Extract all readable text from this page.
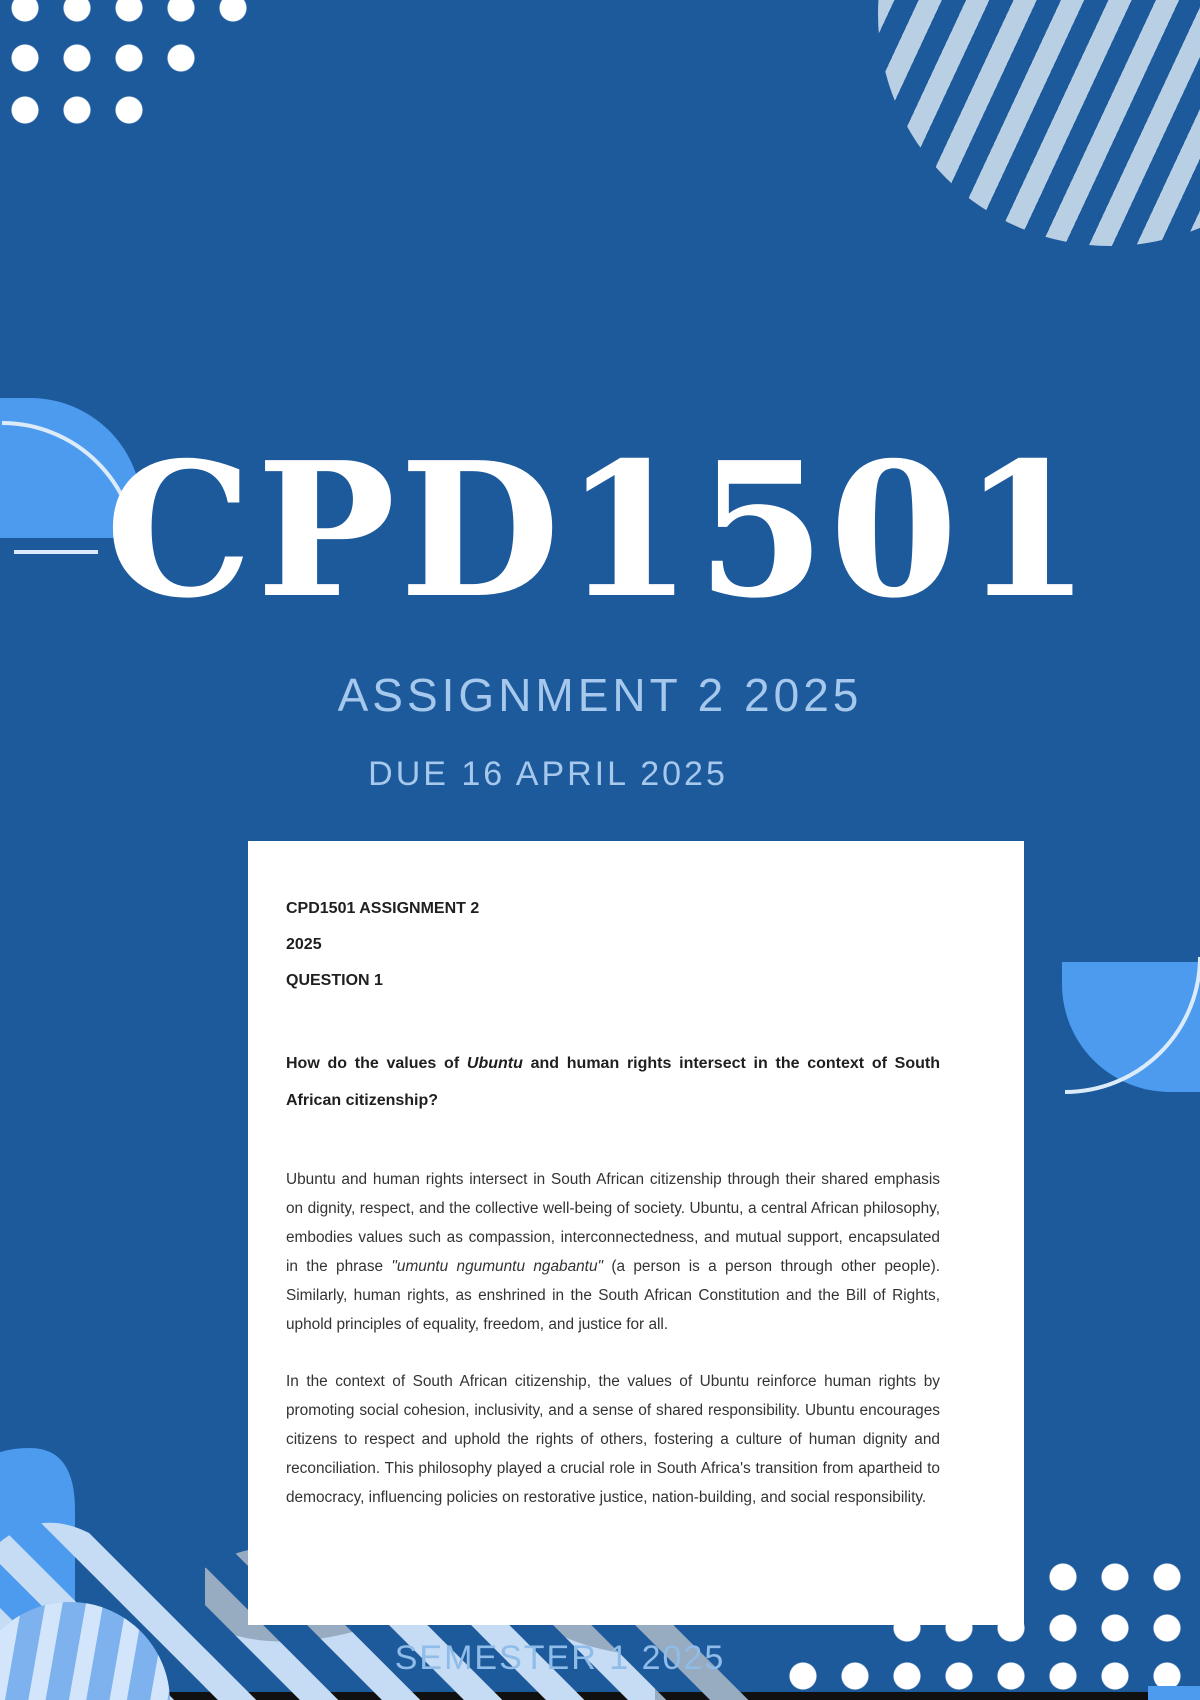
CPD1501
ASSIGNMENT 2 2025
DUE 16 APRIL 2025
CPD1501 ASSIGNMENT 2
2025
QUESTION 1
How do the values of Ubuntu and human rights intersect in the context of South African citizenship?
Ubuntu and human rights intersect in South African citizenship through their shared emphasis on dignity, respect, and the collective well-being of society. Ubuntu, a central African philosophy, embodies values such as compassion, interconnectedness, and mutual support, encapsulated in the phrase "umuntu ngumuntu ngabantu" (a person is a person through other people). Similarly, human rights, as enshrined in the South African Constitution and the Bill of Rights, uphold principles of equality, freedom, and justice for all.
In the context of South African citizenship, the values of Ubuntu reinforce human rights by promoting social cohesion, inclusivity, and a sense of shared responsibility. Ubuntu encourages citizens to respect and uphold the rights of others, fostering a culture of human dignity and reconciliation. This philosophy played a crucial role in South Africa's transition from apartheid to democracy, influencing policies on restorative justice, nation-building, and social responsibility.
SEMESTER 1 2025
